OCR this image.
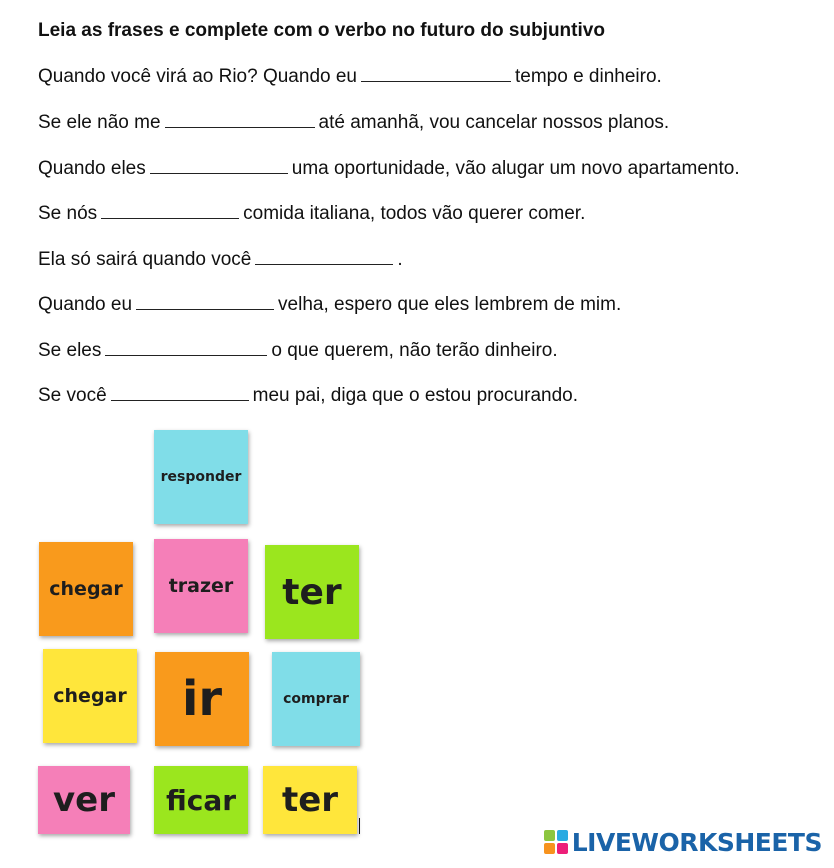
Leia as frases e complete com o verbo no futuro do subjuntivo
Quando você virá ao Rio? Quando eu	tempo e dinheiro.
Se ele não me	até amanhã, vou cancelar nossos planos.
Quando eles	uma oportunidade, vão alugar um novo apartamento.
Se nós	comida italiana, todos vão querer comer.
Ela só sairá quando você	.
Quando eu	velha, espero que eles lembrem de mim.
Se eles	o que querem, não terão dinheiro.
Se você	meu pai, diga que o estou procurando.
responder
chegar	trazer	ter
chegar	ir	comprar
ver	ficar	ter
LIVEWORKSHEETS
